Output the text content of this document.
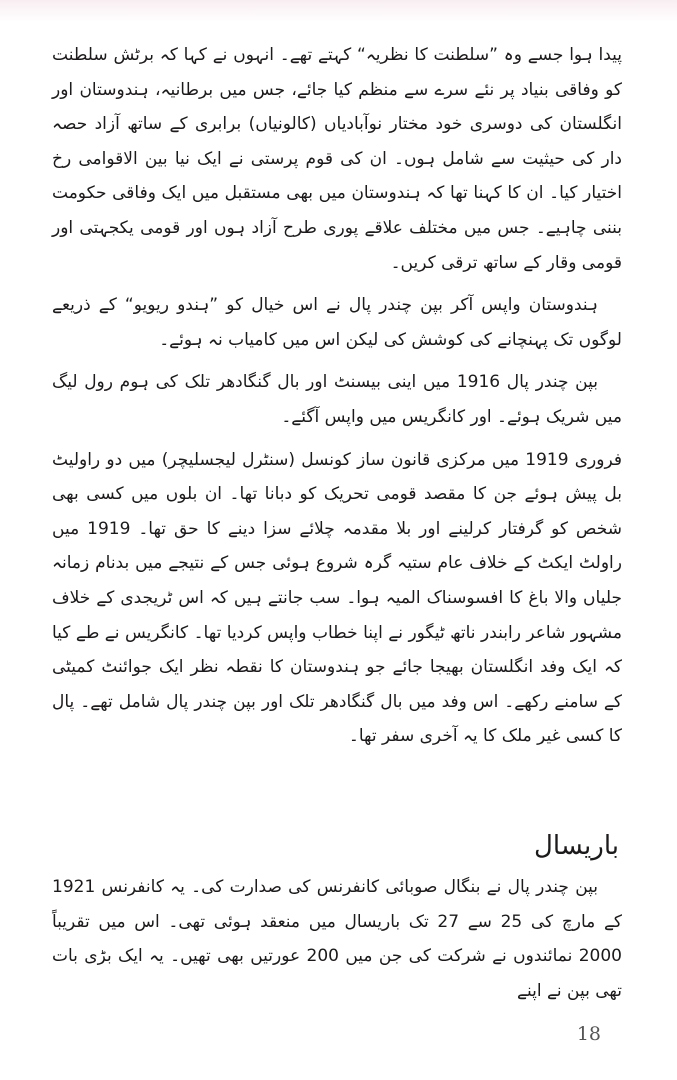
پیدا ہوا جسے وہ ”سلطنت کا نظریہ“ کہتے تھے۔ انہوں نے کہا کہ برٹش سلطنت کو وفاقی بنیاد پر نئے سرے سے منظم کیا جائے، جس میں برطانیہ، ہندوستان اور انگلستان کی دوسری خود مختار نوآبادیاں (کالونیاں) برابری کے ساتھ آزاد حصہ دار کی حیثیت سے شامل ہوں۔ ان کی قوم پرستی نے ایک نیا بین الاقوامی رخ اختیار کیا۔ ان کا کہنا تھا کہ ہندوستان میں بھی مستقبل میں ایک وفاقی حکومت بننی چاہیے۔ جس میں مختلف علاقے پوری طرح آزاد ہوں اور قومی یکجہتی اور قومی وقار کے ساتھ ترقی کریں۔

ہندوستان واپس آکر بپن چندر پال نے اس خیال کو ”ہندو ریویو“ کے ذریعے لوگوں تک پہنچانے کی کوشش کی لیکن اس میں کامیاب نہ ہوئے۔

بپن چندر پال 1916 میں اینی بیسنٹ اور بال گنگادھر تلک کی ہوم رول لیگ میں شریک ہوئے۔ اور کانگریس میں واپس آگئے۔

فروری 1919 میں مرکزی قانون ساز کونسل (سنٹرل لیجسلیچر) میں دو راولیٹ بل پیش ہوئے جن کا مقصد قومی تحریک کو دبانا تھا۔ ان بلوں میں کسی بھی شخص کو گرفتار کرلینے اور بلا مقدمہ چلائے سزا دینے کا حق تھا۔ 1919 میں راولٹ ایکٹ کے خلاف عام ستیہ گرہ شروع ہوئی جس کے نتیجے میں بدنام زمانہ جلیاں والا باغ کا افسوسناک المیہ ہوا۔ سب جانتے ہیں کہ اس ٹریجدی کے خلاف مشہور شاعر رابندر ناتھ ٹیگور نے اپنا خطاب واپس کردیا تھا۔ کانگریس نے طے کیا کہ ایک وفد انگلستان بھیجا جائے جو ہندوستان کا نقطہ نظر ایک جوائنٹ کمیٹی کے سامنے رکھے۔ اس وفد میں بال گنگادھر تلک اور بپن چندر پال شامل تھے۔ پال کا کسی غیر ملک کا یہ آخری سفر تھا۔

باریسال

بپن چندر پال نے بنگال صوبائی کانفرنس کی صدارت کی۔ یہ کانفرنس 1921 کے مارچ کی 25 سے 27 تک باریسال میں منعقد ہوئی تھی۔ اس میں تقریباً 2000 نمائندوں نے شرکت کی جن میں 200 عورتیں بھی تھیں۔ یہ ایک بڑی بات تھی بپن نے اپنے

18
